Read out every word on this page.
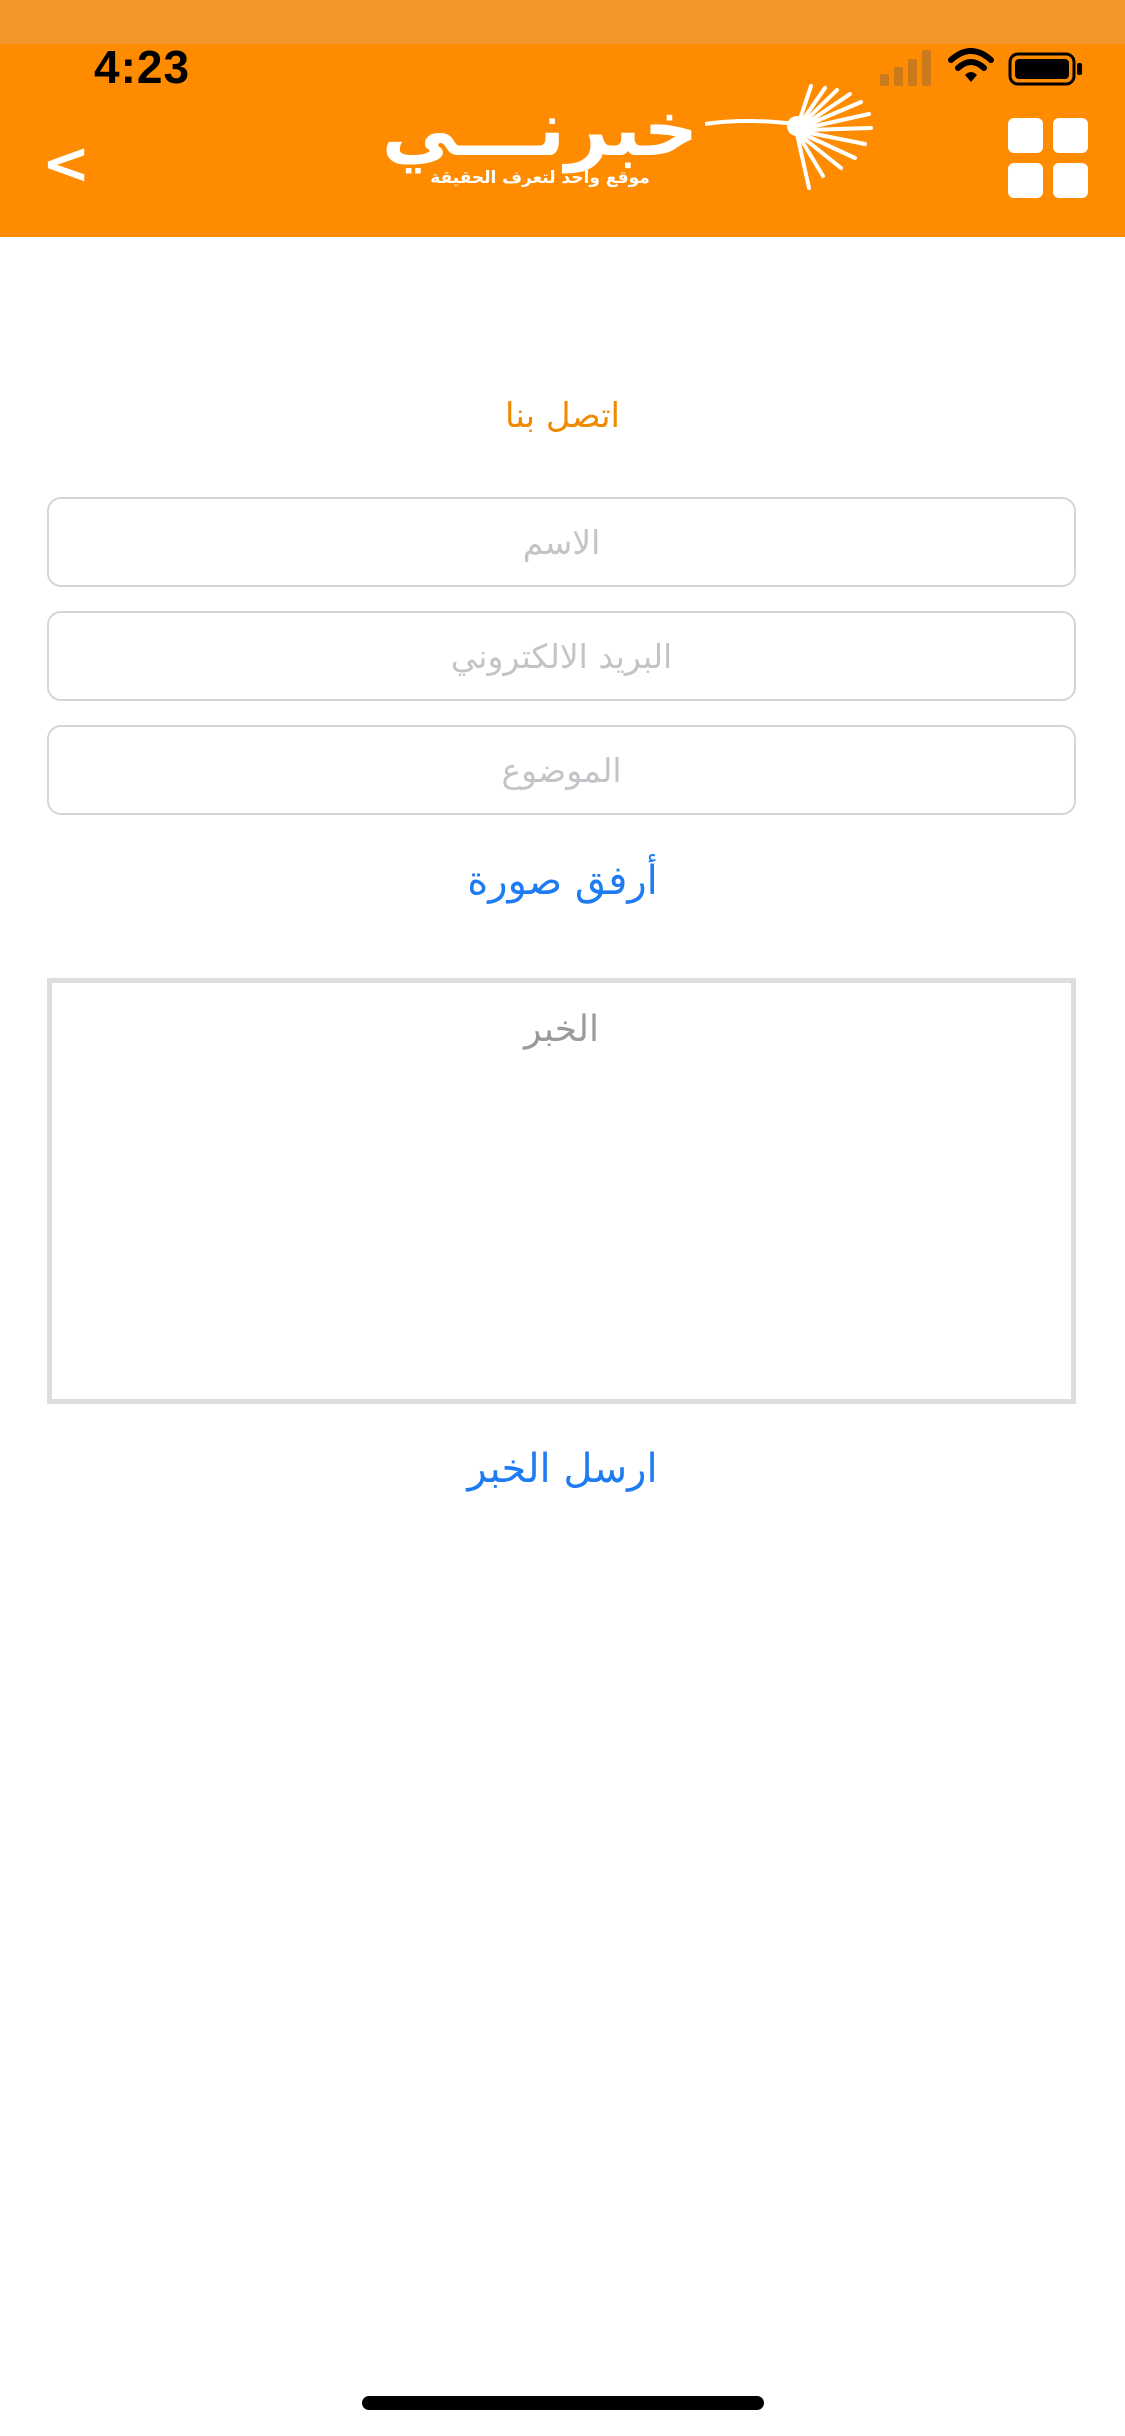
4:23
<	خبرنـــي
موقع واحد لتعرف الحقيقة
اتصل بنا
الاسم
البريد الالكتروني
الموضوع
أرفق صورة
الخبر
ارسل الخبر
